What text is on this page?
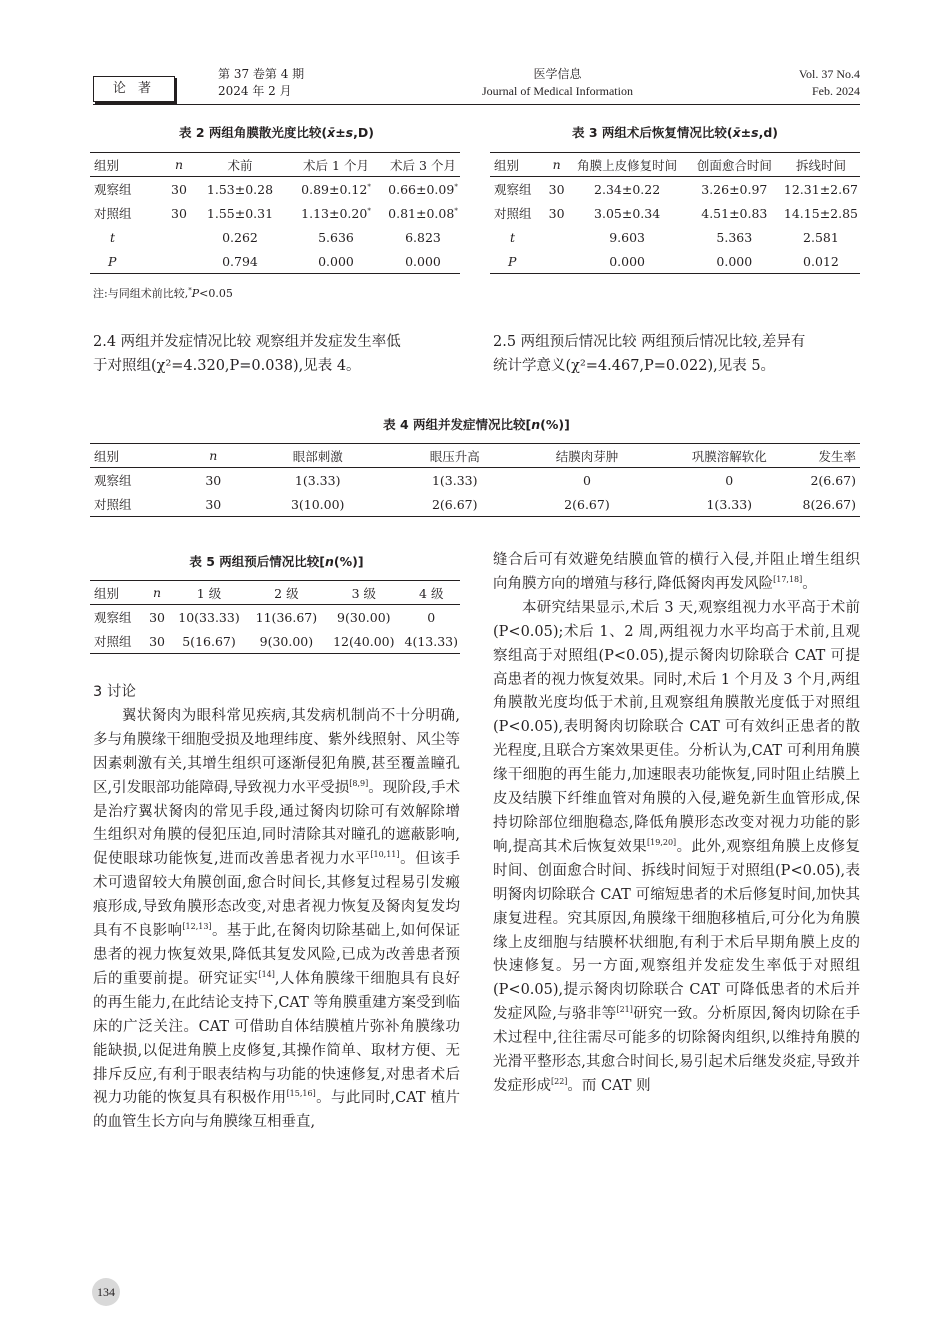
论 著
第 37 卷第 4 期
2024 年 2 月
医学信息
Journal of Medical Information
Vol. 37 No.4
Feb. 2024
表 2 两组角膜散光度比较(x̄±s,D)
组别	n	术前	术后 1 个月	术后 3 个月
观察组	30	1.53±0.28	0.89±0.12*	0.66±0.09*
对照组	30	1.55±0.31	1.13±0.20*	0.81±0.08*
t		0.262	5.636	6.823
P		0.794	0.000	0.000
注:与同组术前比较,*P<0.05
表 3 两组术后恢复情况比较(x̄±s,d)
组别	n	角膜上皮修复时间	创面愈合时间	拆线时间
观察组	30	2.34±0.22	3.26±0.97	12.31±2.67
对照组	30	3.05±0.34	4.51±0.83	14.15±2.85
t		9.603	5.363	2.581
P		0.000	0.000	0.012

2.4 两组并发症情况比较 观察组并发症发生率低

于对照组(χ²=4.320,P=0.038),见表 4。

2.5 两组预后情况比较 两组预后情况比较,差异有

统计学意义(χ²=4.467,P=0.022),见表 5。

表 4 两组并发症情况比较[n(%)]
组别	n	眼部刺激	眼压升高	结膜肉芽肿	巩膜溶解软化	发生率
观察组	30	1(3.33)	1(3.33)	0	0	2(6.67)
对照组	30	3(10.00)	2(6.67)	2(6.67)	1(3.33)	8(26.67)
表 5 两组预后情况比较[n(%)]
组别	n	1 级	2 级	3 级	4 级
观察组	30	10(33.33)	11(36.67)	9(30.00)	0
对照组	30	5(16.67)	9(30.00)	12(40.00)	4(13.33)
3 讨论

翼状胬肉为眼科常见疾病,其发病机制尚不十分明确,多与角膜缘干细胞受损及地理纬度、紫外线照射、风尘等因素刺激有关,其增生组织可逐渐侵犯角膜,甚至覆盖瞳孔区,引发眼部功能障碍,导致视力水平受损[8,9]。现阶段,手术是治疗翼状胬肉的常见手段,通过胬肉切除可有效解除增生组织对角膜的侵犯压迫,同时清除其对瞳孔的遮蔽影响,促使眼球功能恢复,进而改善患者视力水平[10,11]。但该手术可遗留较大角膜创面,愈合时间长,其修复过程易引发瘢痕形成,导致角膜形态改变,对患者视力恢复及胬肉复发均具有不良影响[12,13]。基于此,在胬肉切除基础上,如何保证患者的视力恢复效果,降低其复发风险,已成为改善患者预后的重要前提。研究证实[14],人体角膜缘干细胞具有良好的再生能力,在此结论支持下,CAT 等角膜重建方案受到临床的广泛关注。CAT 可借助自体结膜植片弥补角膜缘功能缺损,以促进角膜上皮修复,其操作简单、取材方便、无排斥反应,有利于眼表结构与功能的快速修复,对患者术后视力功能的恢复具有积极作用[15,16]。与此同时,CAT 植片的血管生长方向与角膜缘互相垂直,

缝合后可有效避免结膜血管的横行入侵,并阻止增生组织向角膜方向的增殖与移行,降低胬肉再发风险[17,18]。

本研究结果显示,术后 3 天,观察组视力水平高于术前(P<0.05);术后 1、2 周,两组视力水平均高于术前,且观察组高于对照组(P<0.05),提示胬肉切除联合 CAT 可提高患者的视力恢复效果。同时,术后 1 个月及 3 个月,两组角膜散光度均低于术前,且观察组角膜散光度低于对照组(P<0.05),表明胬肉切除联合 CAT 可有效纠正患者的散光程度,且联合方案效果更佳。分析认为,CAT 可利用角膜缘干细胞的再生能力,加速眼表功能恢复,同时阻止结膜上皮及结膜下纤维血管对角膜的入侵,避免新生血管形成,保持切除部位细胞稳态,降低角膜形态改变对视力功能的影响,提高其术后恢复效果[19,20]。此外,观察组角膜上皮修复时间、创面愈合时间、拆线时间短于对照组(P<0.05),表明胬肉切除联合 CAT 可缩短患者的术后修复时间,加快其康复进程。究其原因,角膜缘干细胞移植后,可分化为角膜缘上皮细胞与结膜杯状细胞,有利于术后早期角膜上皮的快速修复。另一方面,观察组并发症发生率低于对照组(P<0.05),提示胬肉切除联合 CAT 可降低患者的术后并发症风险,与骆非等[21]研究一致。分析原因,胬肉切除在手术过程中,往往需尽可能多的切除胬肉组织,以维持角膜的光滑平整形态,其愈合时间长,易引起术后继发炎症,导致并发症形成[22]。而 CAT 则

134
